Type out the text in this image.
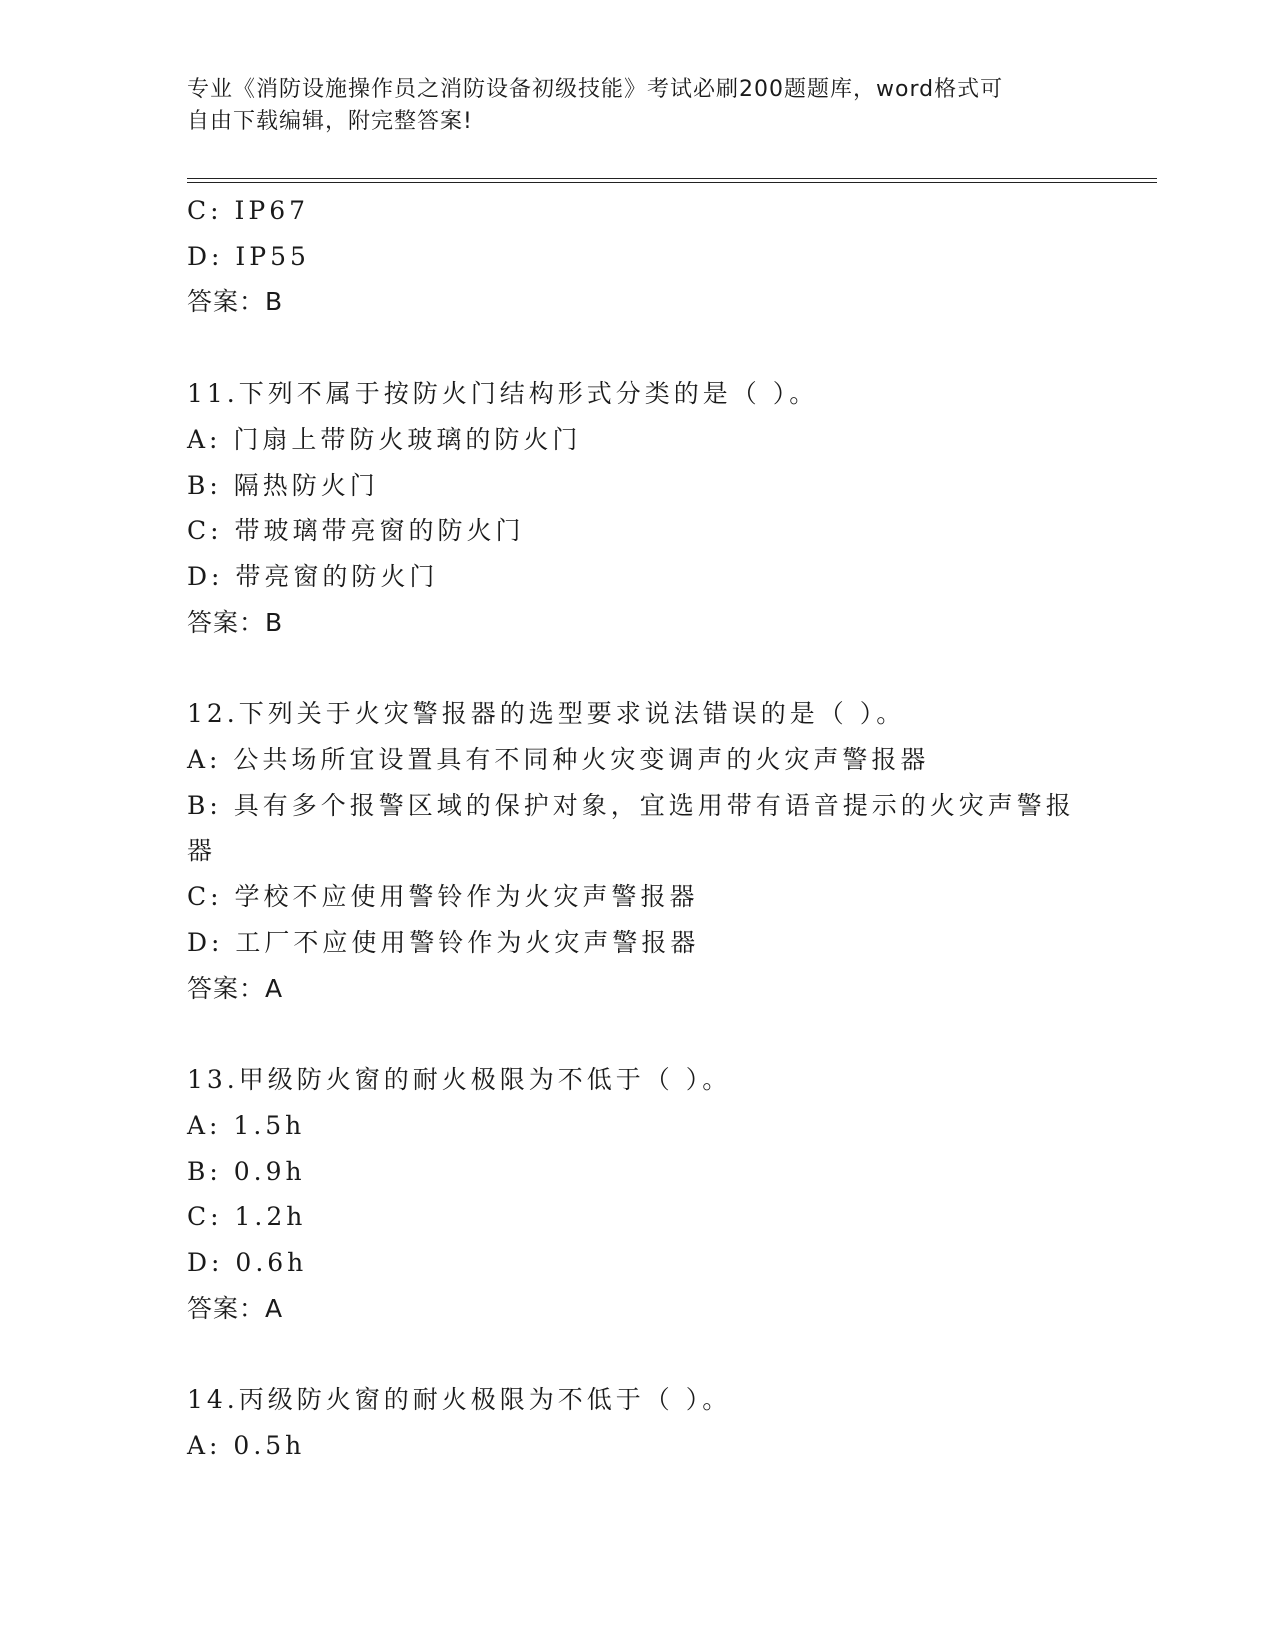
专业《消防设施操作员之消防设备初级技能》考试必刷200题题库，word格式可
自由下载编辑，附完整答案!

C: IP67

D: IP55

答案：B

11.下列不属于按防火门结构形式分类的是（ ）。

A: 门扇上带防火玻璃的防火门

B: 隔热防火门

C: 带玻璃带亮窗的防火门

D: 带亮窗的防火门

答案：B

12.下列关于火灾警报器的选型要求说法错误的是（ ）。

A: 公共场所宜设置具有不同种火灾变调声的火灾声警报器

B: 具有多个报警区域的保护对象，宜选用带有语音提示的火灾声警报器

C: 学校不应使用警铃作为火灾声警报器

D: 工厂不应使用警铃作为火灾声警报器

答案：A

13.甲级防火窗的耐火极限为不低于（ ）。

A: 1.5h

B: 0.9h

C: 1.2h

D: 0.6h

答案：A

14.丙级防火窗的耐火极限为不低于（ ）。

A: 0.5h
